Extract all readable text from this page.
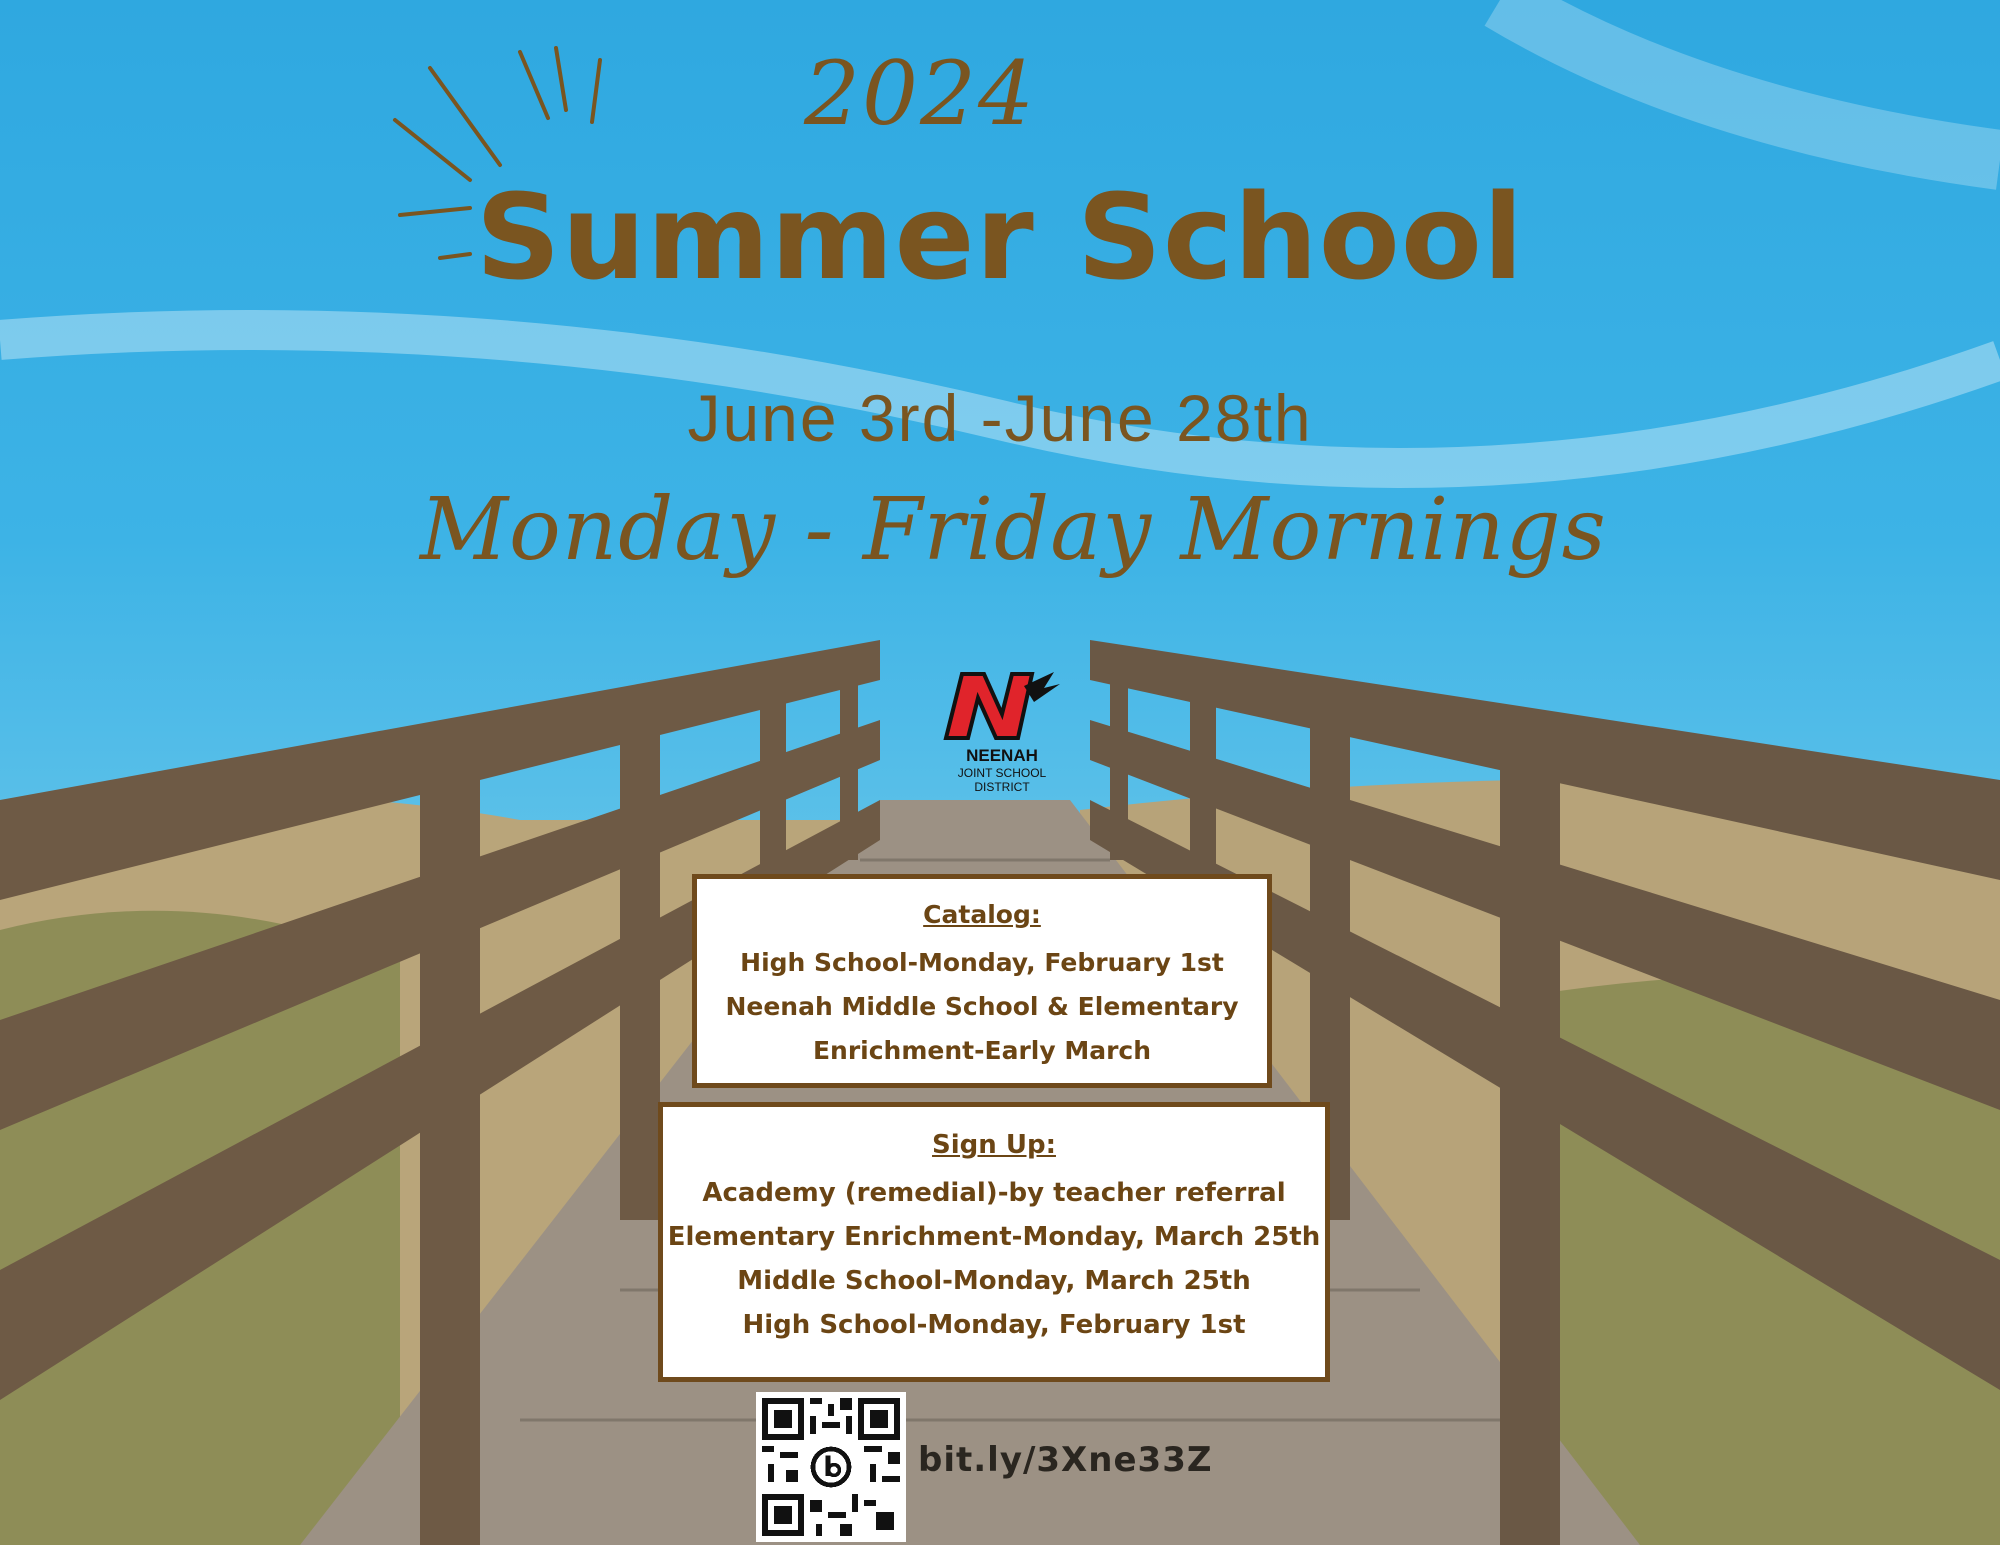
2024
Summer School
June 3rd -June 28th
Monday - Friday Mornings
NEENAH
JOINT SCHOOL DISTRICT
Catalog:
High School-Monday, February 1st
Neenah Middle School & Elementary
Enrichment-Early March
Sign Up:
Academy (remedial)-by teacher referral
Elementary Enrichment-Monday, March 25th
Middle School-Monday, March 25th
High School-Monday, February 1st
bit.ly/3Xne33Z
